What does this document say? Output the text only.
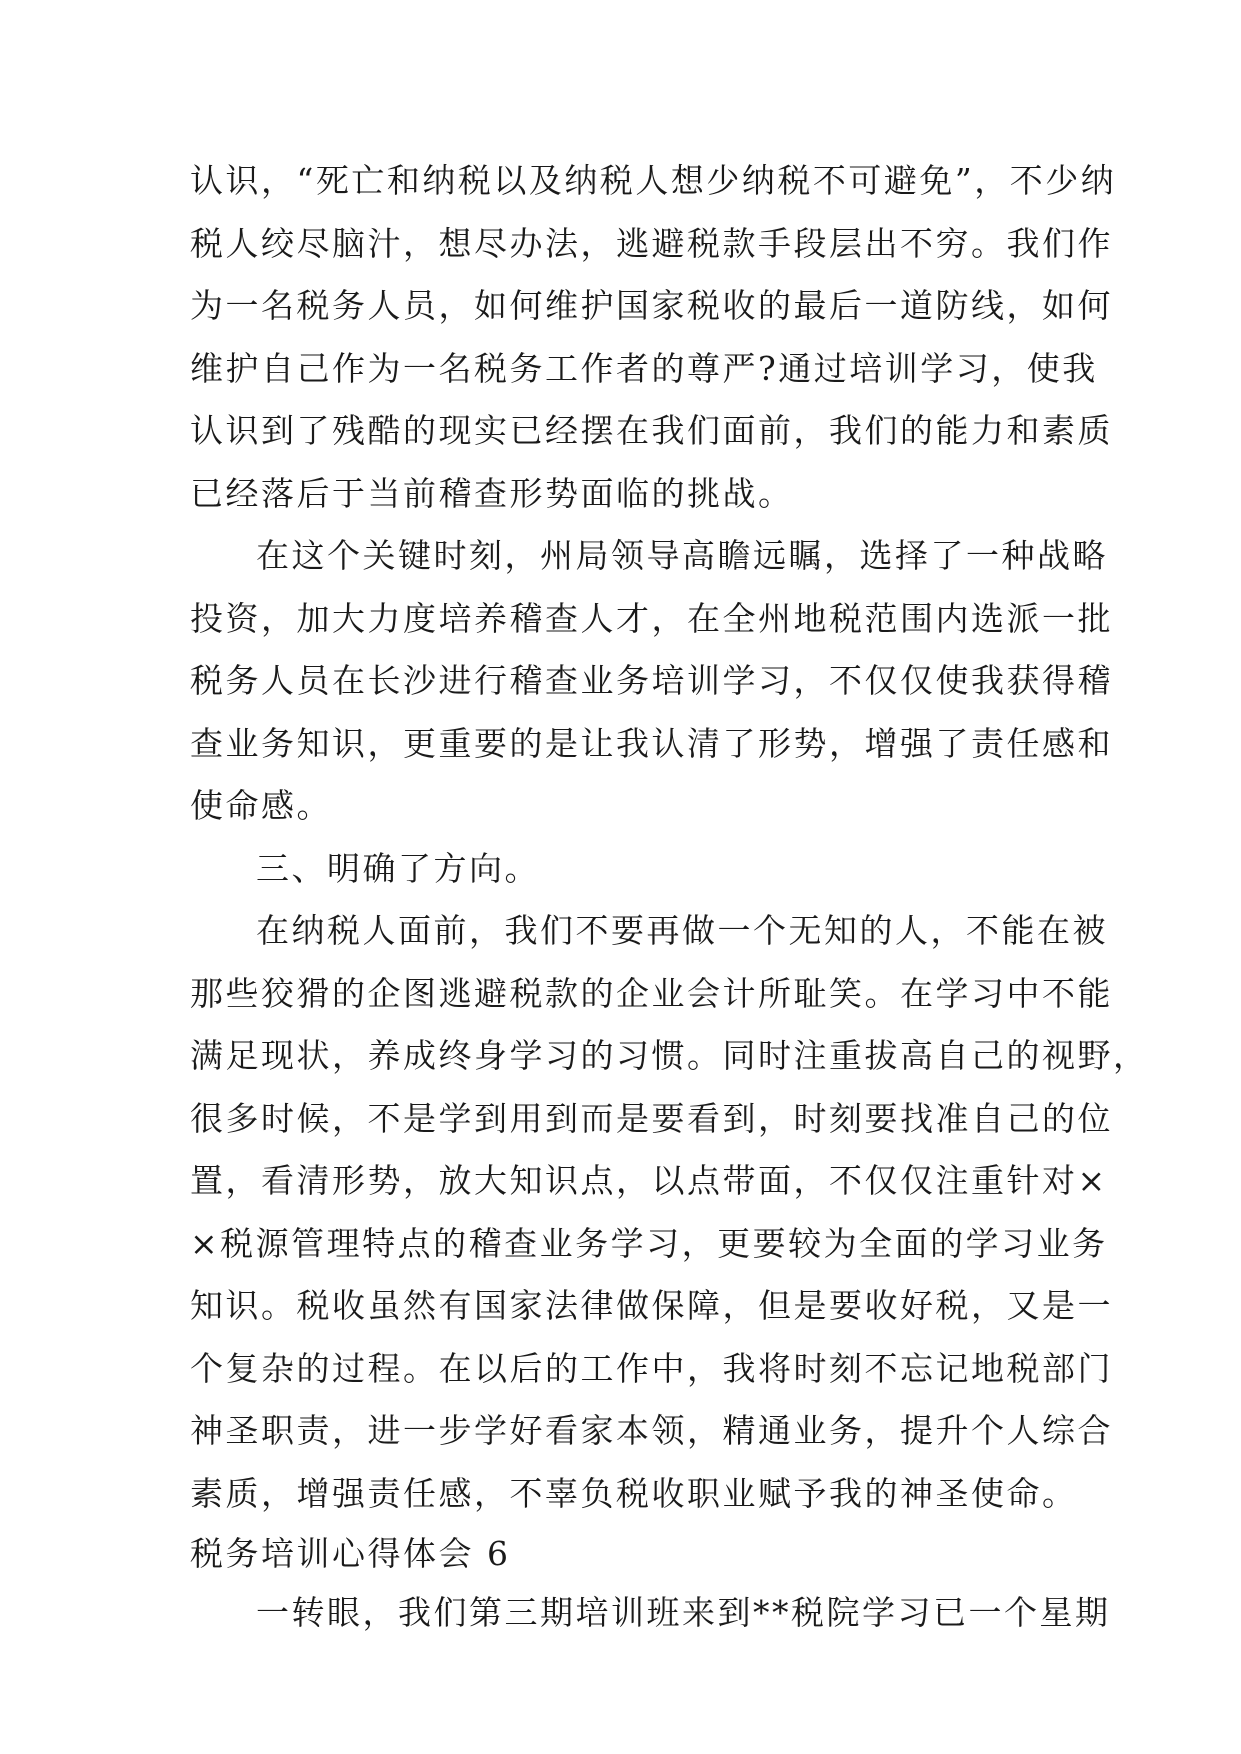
认识，“死亡和纳税以及纳税人想少纳税不可避免”，不少纳
税人绞尽脑汁，想尽办法，逃避税款手段层出不穷。我们作
为一名税务人员，如何维护国家税收的最后一道防线，如何
维护自己作为一名税务工作者的尊严?通过培训学习，使我
认识到了残酷的现实已经摆在我们面前，我们的能力和素质
已经落后于当前稽查形势面临的挑战。
在这个关键时刻，州局领导高瞻远瞩，选择了一种战略
投资，加大力度培养稽查人才，在全州地税范围内选派一批
税务人员在长沙进行稽查业务培训学习，不仅仅使我获得稽
查业务知识，更重要的是让我认清了形势，增强了责任感和
使命感。
三、明确了方向。
在纳税人面前，我们不要再做一个无知的人，不能在被
那些狡猾的企图逃避税款的企业会计所耻笑。在学习中不能
满足现状，养成终身学习的习惯。同时注重拔高自己的视野，
很多时候，不是学到用到而是要看到，时刻要找准自己的位
置，看清形势，放大知识点，以点带面，不仅仅注重针对×
×税源管理特点的稽查业务学习，更要较为全面的学习业务
知识。税收虽然有国家法律做保障，但是要收好税，又是一
个复杂的过程。在以后的工作中，我将时刻不忘记地税部门
神圣职责，进一步学好看家本领，精通业务，提升个人综合
素质，增强责任感，不辜负税收职业赋予我的神圣使命。
税务培训心得体会 6
一转眼，我们第三期培训班来到**税院学习已一个星期
